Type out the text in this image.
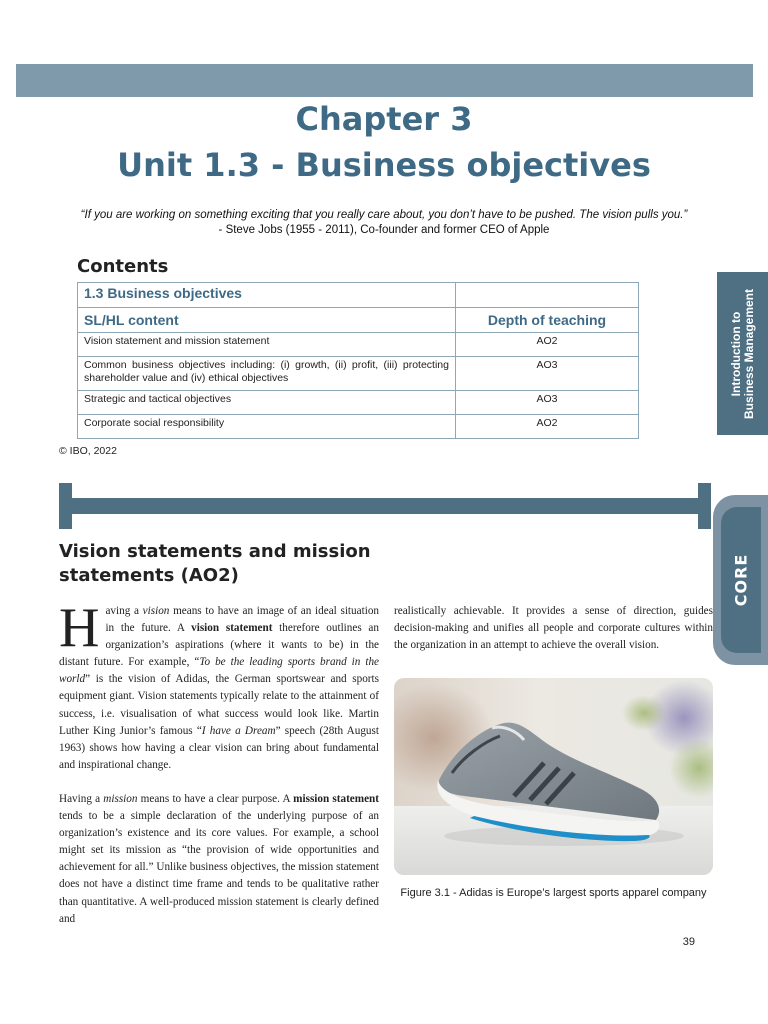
Chapter 3
Unit 1.3 - Business objectives
“If you are working on something exciting that you really care about, you don’t have to be pushed. The vision pulls you.”
- Steve Jobs (1955 - 2011), Co-founder and former CEO of Apple
Contents
1.3 Business objectives	
SL/HL content	Depth of teaching
Vision statement and mission statement	AO2
Common business objectives including: (i) growth, (ii) profit, (iii) protecting shareholder value and (iv) ethical objectives	AO3
Strategic and tactical objectives	AO3
Corporate social responsibility	AO2
© IBO, 2022
Introduction to Business Management
CORE
Vision statements and mission statements (AO2)

Having a vision means to have an image of an ideal situation in the future. A vision statement therefore outlines an organization’s aspirations (where it wants to be) in the distant future. For example, “To be the leading sports brand in the world” is the vision of Adidas, the German sportswear and sports equipment giant. Vision statements typically relate to the attainment of success, i.e. visualisation of what success would look like. Martin Luther King Junior’s famous “I have a Dream” speech (28th August 1963) shows how having a clear vision can bring about fundamental and inspirational change.

Having a mission means to have a clear purpose. A mission statement tends to be a simple declaration of the underlying purpose of an organization’s existence and its core values. For example, a school might set its mission as “the provision of wide opportunities and achievement for all.” Unlike business objectives, the mission statement does not have a distinct time frame and tends to be qualitative rather than quantitative. A well-produced mission statement is clearly defined and

realistically achievable. It provides a sense of direction, guides decision-making and unifies all people and corporate cultures within the organization in an attempt to achieve the overall vision.

Figure 3.1 - Adidas is Europe’s largest sports apparel company
39
